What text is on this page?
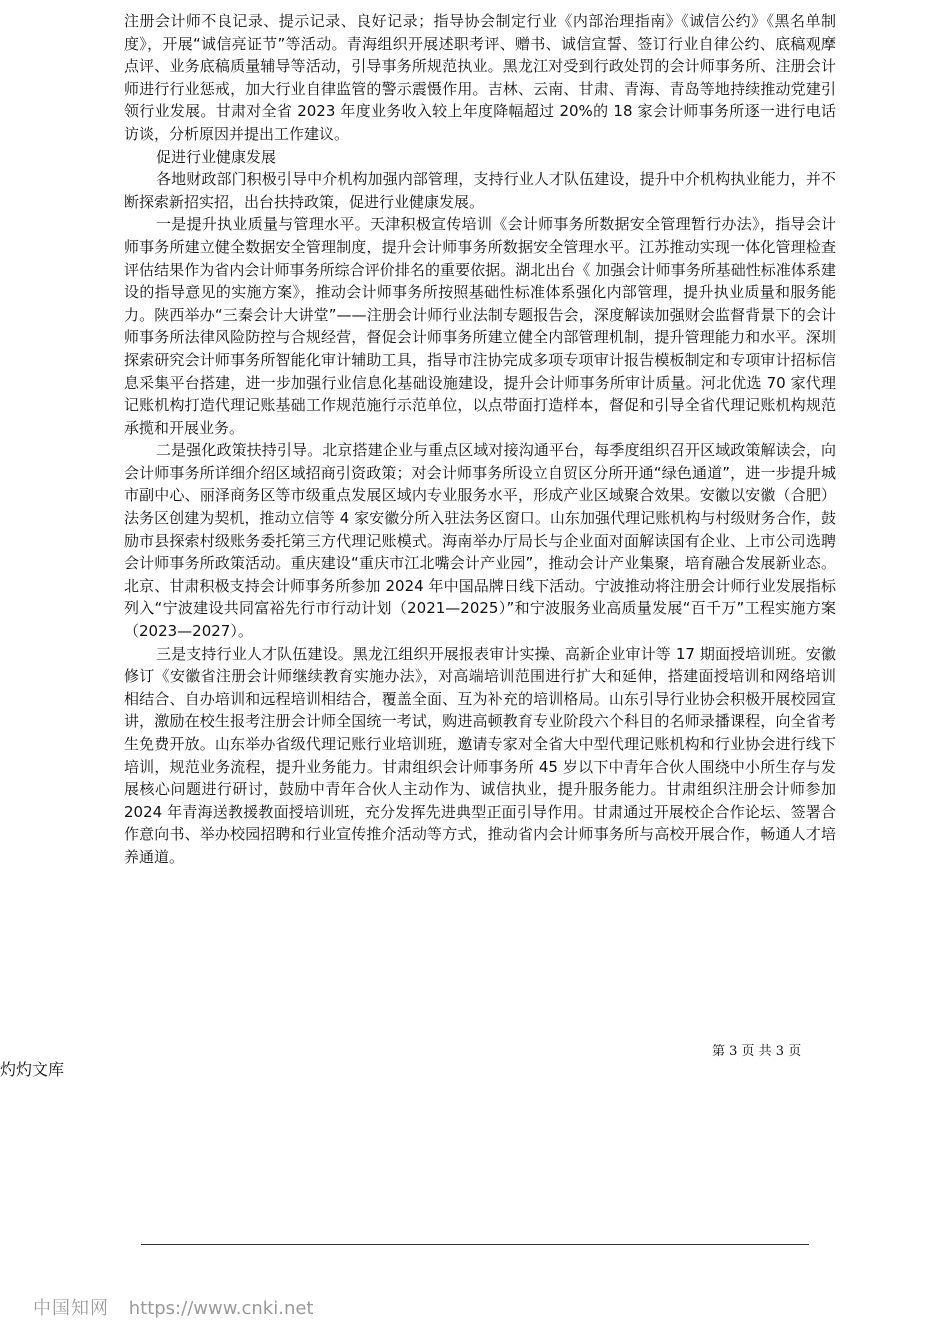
注册会计师不良记录、提示记录、良好记录；指导协会制定行业《内部治理指南》《诚信公约》《黑名单制度》，开展“诚信亮证节”等活动。青海组织开展述职考评、赠书、诚信宣誓、签订行业自律公约、底稿观摩点评、业务底稿质量辅导等活动，引导事务所规范执业。黑龙江对受到行政处罚的会计师事务所、注册会计师进行行业惩戒，加大行业自律监管的警示震慑作用。吉林、云南、甘肃、青海、青岛等地持续推动党建引领行业发展。甘肃对全省 2023 年度业务收入较上年度降幅超过 20%的 18 家会计师事务所逐一进行电话访谈，分析原因并提出工作建议。

促进行业健康发展

各地财政部门积极引导中介机构加强内部管理，支持行业人才队伍建设，提升中介机构执业能力，并不断探索新招实招，出台扶持政策，促进行业健康发展。

一是提升执业质量与管理水平。天津积极宣传培训《会计师事务所数据安全管理暂行办法》，指导会计师事务所建立健全数据安全管理制度，提升会计师事务所数据安全管理水平。江苏推动实现一体化管理检查评估结果作为省内会计师事务所综合评价排名的重要依据。湖北出台《 加强会计师事务所基础性标准体系建设的指导意见的实施方案》，推动会计师事务所按照基础性标准体系强化内部管理，提升执业质量和服务能力。陕西举办“三秦会计大讲堂”——注册会计师行业法制专题报告会，深度解读加强财会监督背景下的会计师事务所法律风险防控与合规经营，督促会计师事务所建立健全内部管理机制，提升管理能力和水平。深圳探索研究会计师事务所智能化审计辅助工具，指导市注协完成多项专项审计报告模板制定和专项审计招标信息采集平台搭建，进一步加强行业信息化基础设施建设，提升会计师事务所审计质量。河北优选 70 家代理记账机构打造代理记账基础工作规范施行示范单位，以点带面打造样本，督促和引导全省代理记账机构规范承揽和开展业务。

二是强化政策扶持引导。北京搭建企业与重点区域对接沟通平台，每季度组织召开区域政策解读会，向会计师事务所详细介绍区域招商引资政策；对会计师事务所设立自贸区分所开通“绿色通道”，进一步提升城市副中心、丽泽商务区等市级重点发展区域内专业服务水平，形成产业区域聚合效果。安徽以安徽（合肥）法务区创建为契机，推动立信等 4 家安徽分所入驻法务区窗口。山东加强代理记账机构与村级财务合作，鼓励市县探索村级账务委托第三方代理记账模式。海南举办厅局长与企业面对面解读国有企业、上市公司选聘会计师事务所政策活动。重庆建设“重庆市江北嘴会计产业园”，推动会计产业集聚，培育融合发展新业态。北京、甘肃积极支持会计师事务所参加 2024 年中国品牌日线下活动。宁波推动将注册会计师行业发展指标列入“宁波建设共同富裕先行市行动计划（2021—2025）”和宁波服务业高质量发展“百千万”工程实施方案（2023—2027）。

三是支持行业人才队伍建设。黑龙江组织开展报表审计实操、高新企业审计等 17 期面授培训班。安徽修订《安徽省注册会计师继续教育实施办法》，对高端培训范围进行扩大和延伸，搭建面授培训和网络培训相结合、自办培训和远程培训相结合，覆盖全面、互为补充的培训格局。山东引导行业协会积极开展校园宣讲，激励在校生报考注册会计师全国统一考试，购进高顿教育专业阶段六个科目的名师录播课程，向全省考生免费开放。山东举办省级代理记账行业培训班，邀请专家对全省大中型代理记账机构和行业协会进行线下培训，规范业务流程，提升业务能力。甘肃组织会计师事务所 45 岁以下中青年合伙人围绕中小所生存与发展核心问题进行研讨，鼓励中青年合伙人主动作为、诚信执业，提升服务能力。甘肃组织注册会计师参加 2024 年青海送教援教面授培训班，充分发挥先进典型正面引导作用。甘肃通过开展校企合作论坛、签署合作意向书、举办校园招聘和行业宣传推介活动等方式，推动省内会计师事务所与高校开展合作，畅通人才培养通道。

第 3 页 共 3 页
灼灼文库
中国知网 https://www.cnki.net
